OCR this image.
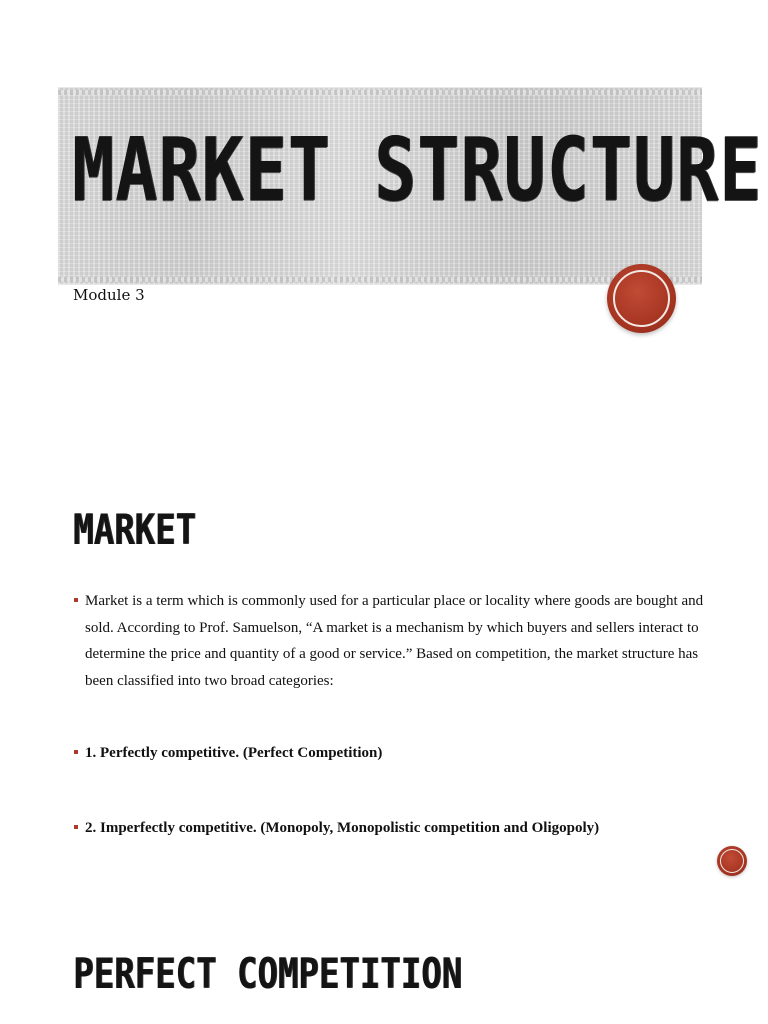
MARKET STRUCTURE
Module 3
MARKET
Market is a term which is commonly used for a particular place or locality where goods are bought and sold. According to Prof. Samuelson, “A market is a mechanism by which buyers and sellers interact to determine the price and quantity of a good or service.” Based on competition, the market structure has been classified into two broad categories:
1. Perfectly competitive. (Perfect Competition)
2. Imperfectly competitive. (Monopoly, Monopolistic competition and Oligopoly)
PERFECT COMPETITION
